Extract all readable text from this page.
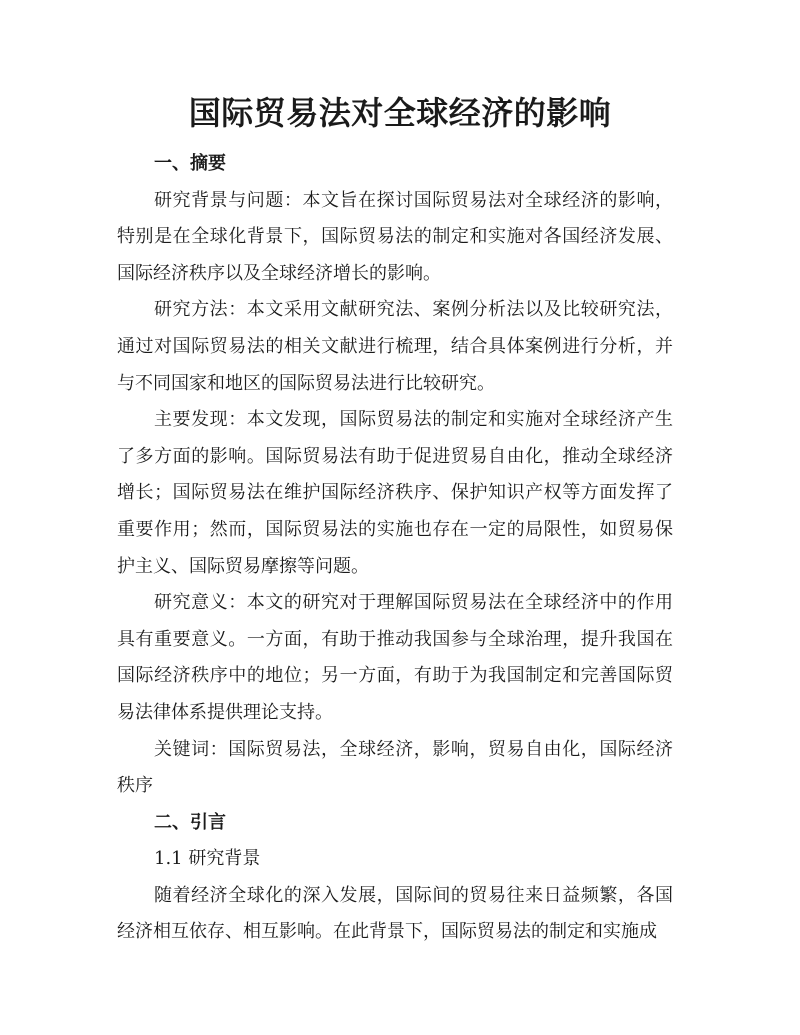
国际贸易法对全球经济的影响
一、摘要

研究背景与问题：本文旨在探讨国际贸易法对全球经济的影响，特别是在全球化背景下，国际贸易法的制定和实施对各国经济发展、国际经济秩序以及全球经济增长的影响。

研究方法：本文采用文献研究法、案例分析法以及比较研究法，通过对国际贸易法的相关文献进行梳理，结合具体案例进行分析，并与不同国家和地区的国际贸易法进行比较研究。

主要发现：本文发现，国际贸易法的制定和实施对全球经济产生了多方面的影响。国际贸易法有助于促进贸易自由化，推动全球经济增长；国际贸易法在维护国际经济秩序、保护知识产权等方面发挥了重要作用；然而，国际贸易法的实施也存在一定的局限性，如贸易保护主义、国际贸易摩擦等问题。

研究意义：本文的研究对于理解国际贸易法在全球经济中的作用具有重要意义。一方面，有助于推动我国参与全球治理，提升我国在国际经济秩序中的地位；另一方面，有助于为我国制定和完善国际贸易法律体系提供理论支持。

关键词：国际贸易法，全球经济，影响，贸易自由化，国际经济秩序

二、引言
1.1 研究背景

随着经济全球化的深入发展，国际间的贸易往来日益频繁，各国经济相互依存、相互影响。在此背景下，国际贸易法的制定和实施成
